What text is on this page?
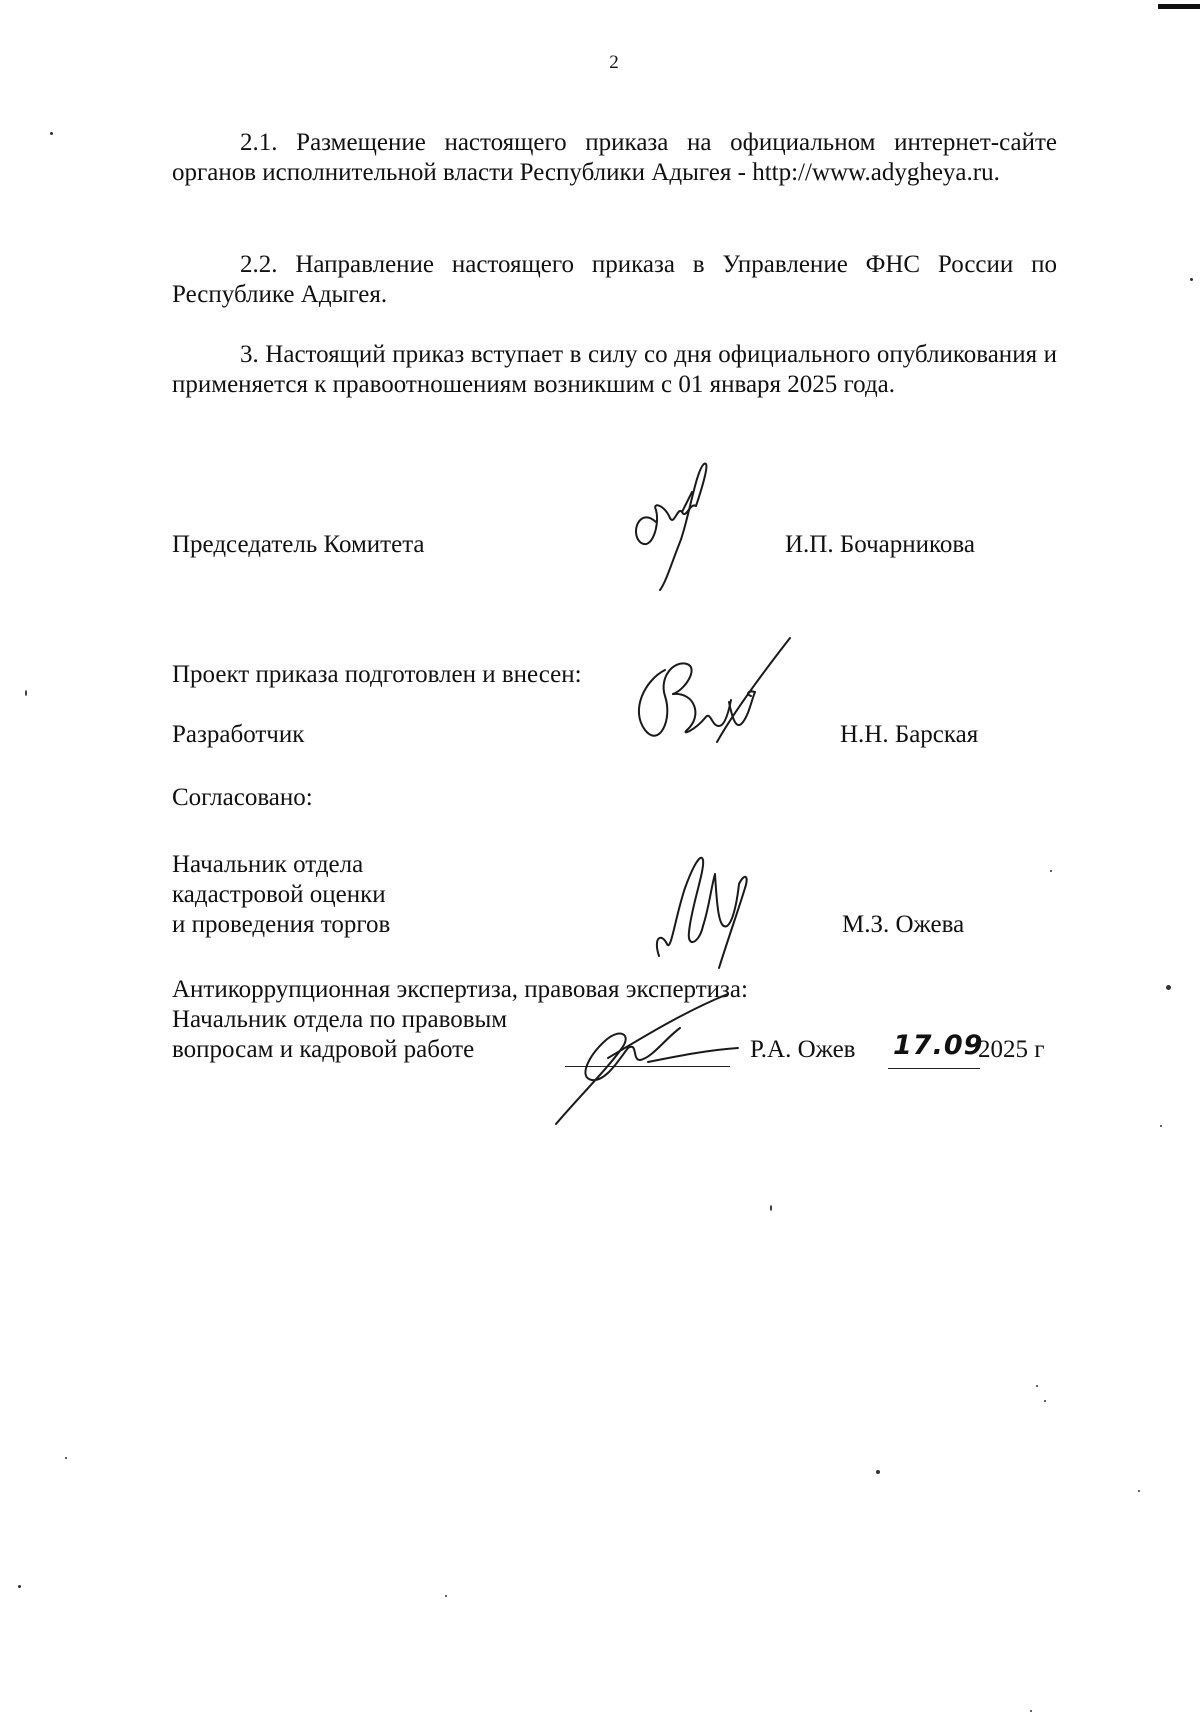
2

2.1. Размещение настоящего приказа на официальном интернет-сайте органов исполнительной власти Республики Адыгея - http://www.adygheya.ru.

2.2. Направление настоящего приказа в Управление ФНС России по Республике Адыгея.

3. Настоящий приказ вступает в силу со дня официального опубликования и применяется к правоотношениям возникшим с 01 января 2025 года.

Председатель Комитета	И.П. Бочарникова
Проект приказа подготовлен и внесен:
Разработчик	Н.Н. Барская
Согласовано:
Начальник отдела
кадастровой оценки
и проведения торгов	М.З. Ожева
Антикоррупционная экспертиза, правовая экспертиза:
Начальник отдела по правовым
вопросам и кадровой работе	Р.А. Ожев 17.09
2025 г
